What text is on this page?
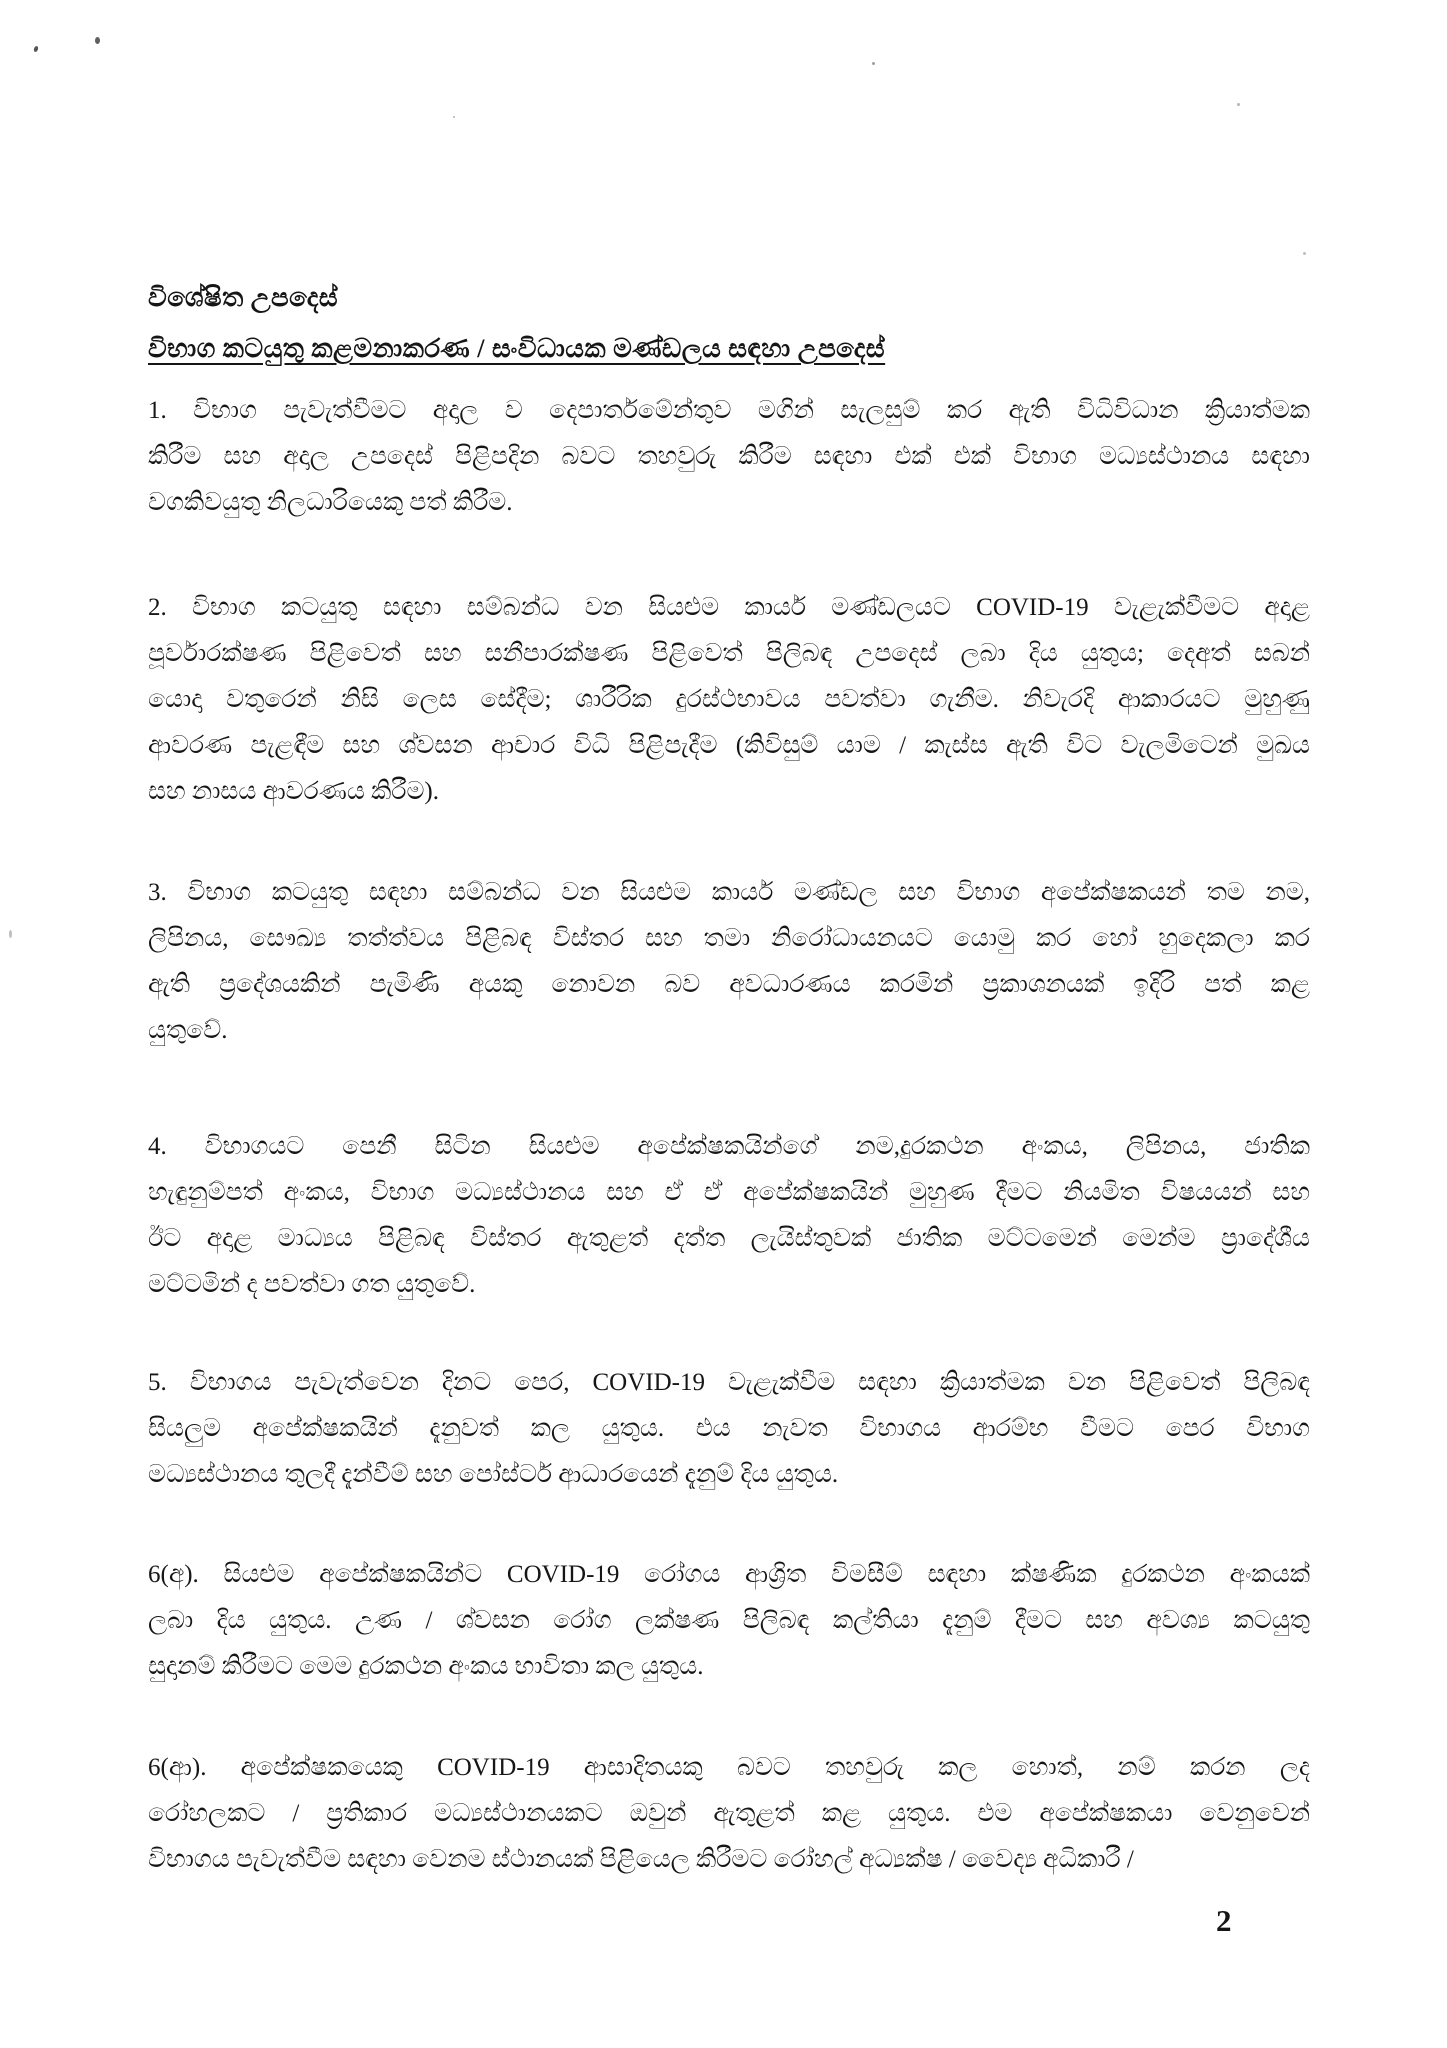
විශේෂිත උපදෙස්
විභාග කටයුතු කළමනාකරණ / සංවිධායක මණ්ඩලය සඳහා උපදෙස්
1. විභාග පැවැත්වීමට අදාල ව දෙපාර්තමේන්තුව මගින් සැලසුම් කර ඇති විධිවිධාන ක්‍රියාත්මක
කිරීම සහ අදාල උපදෙස් පිළිපදින බවට තහවුරු කිරීම සඳහා එක් එක් විභාග මධ්‍යස්ථානය සඳහා
වගකිවයුතු නිලධාරියෙකු පත් කිරීම.
2. විභාග කටයුතු සඳහා සම්බන්ධ වන සියළුම කාර්ය මණ්ඩලයට COVID-19 වැළැක්වීමට අදාළ
පූර්වාරක්ෂණ පිළිවෙත් සහ සනීපාරක්ෂණ පිළිවෙත් පිලිබඳ උපදෙස් ලබා දිය යුතුය; දෙඅත් සබන්
යොදා වතුරෙන් නිසි ලෙස සේදීම; ශාරීරික දුරස්ථභාවය පවත්වා ගැනීම. නිවැරදි ආකාරයට මුහුණු
ආවරණ පැළඳීම සහ ශ්වසන ආචාර විධි පිළිපැදීම (කිවිසුම් යාම / කැස්ස ඇති විට වැලමිටෙන් මුඛය
සහ නාසය ආවරණය කිරීම).
3. විභාග කටයුතු සඳහා සම්බන්ධ වන සියළුම කාර්ය මණ්ඩල සහ විභාග අපේක්ෂකයන් තම නම,
ලිපිනය, සෞඛ්‍ය තත්ත්වය පිළිබඳ විස්තර සහ තමා නිරෝධායනයට යොමු කර හෝ හුදෙකලා කර
ඇති ප්‍රදේශයකින් පැමිණි අයකු නොවන බව අවධාරණය කරමින් ප්‍රකාශනයක් ඉදිරි පත් කළ
යුතුවේ.
4. විභාගයට පෙනී සිටින සියළුම අපේක්ෂකයින්ගේ නම,දුරකථන අංකය, ලිපිනය, ජාතික
හැඳුනුම්පත් අංකය, විභාග මධ්‍යස්ථානය සහ ඒ ඒ අපේක්ෂකයින් මුහුණ දීමට නියමිත විෂයයන් සහ
ඊට අදාළ මාධ්‍යය පිළිබඳ විස්තර ඇතුළත් දත්ත ලැයිස්තුවක් ජාතික මට්ටමෙන් මෙන්ම ප්‍රාදේශීය
මට්ටමින් ද පවත්වා ගත යුතුවේ.
5. විභාගය පැවැත්වෙන දිනට පෙර, COVID-19 වැළැක්වීම සඳහා ක්‍රියාත්මක වන පිළිවෙත් පිලිබඳ
සියලුම අපේක්ෂකයින් දැනුවත් කල යුතුය. එය නැවත විභාගය ආරම්භ වීමට පෙර විභාග
මධ්‍යස්ථානය තුලදී දැන්වීම් සහ පෝස්ටර් ආධාරයෙන් දැනුම් දිය යුතුය.
6(අ). සියළුම අපේක්ෂකයින්ට COVID-19 රෝගය ආශ්‍රිත විමසීම් සඳහා ක්ෂණික දුරකථන අංකයක්
ලබා දිය යුතුය. උණ / ශ්වසන රෝග ලක්ෂණ පිලිබඳ කල්තියා දැනුම් දීමට සහ අවශ්‍ය කටයුතු
සුදානම් කිරීමට මෙම දුරකථන අංකය භාවිතා කල යුතුය.
6(ආ). අපේක්ෂකයෙකු COVID-19 ආසාදිතයකු බවට තහවුරු කල හොත්, නම් කරන ලද
රෝහලකට / ප්‍රතිකාර මධ්‍යස්ථානයකට ඔවුන් ඇතුළත් කළ යුතුය. එම අපේක්ෂකයා වෙනුවෙන්
විභාගය පැවැත්වීම සඳහා වෙනම ස්ථානයක් පිළියෙල කිරීමට රෝහල් අධ්‍යක්ෂ / වෛද්‍ය අධිකාරී /
2
